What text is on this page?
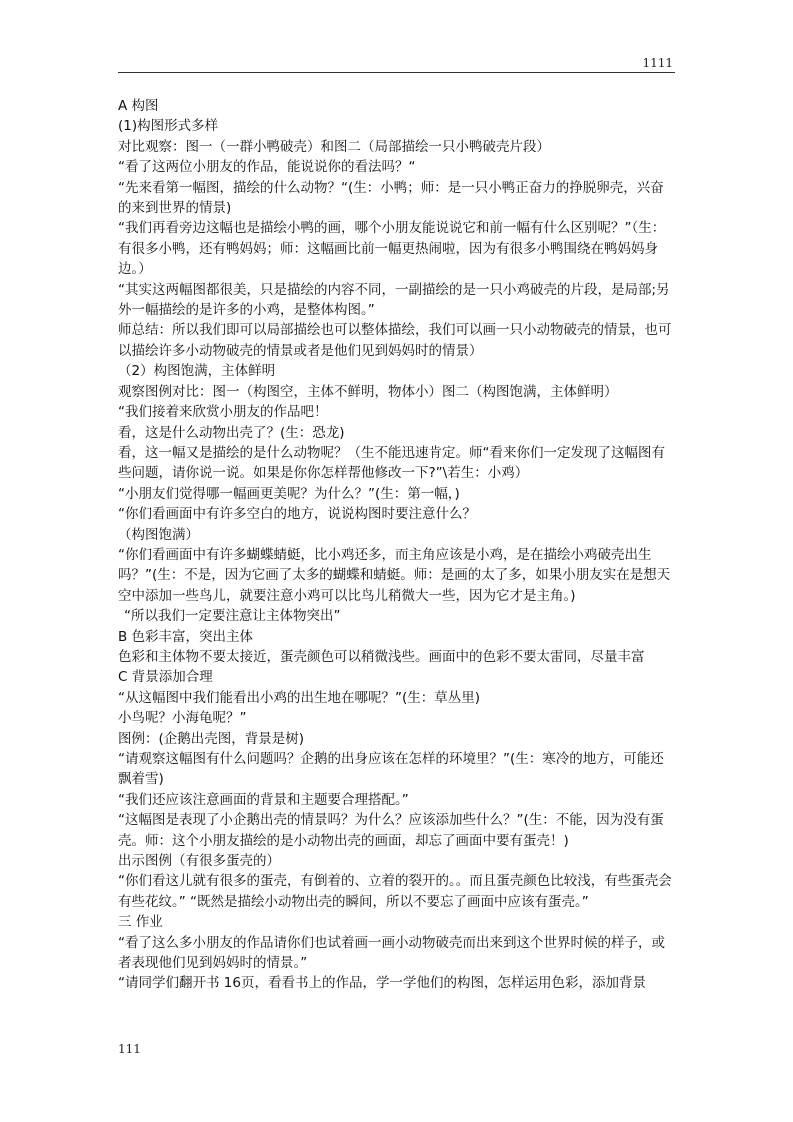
1111

A 构图

(1)构图形式多样

对比观察：图一（一群小鸭破壳）和图二（局部描绘一只小鸭破壳片段）

“看了这两位小朋友的作品，能说说你的看法吗？“

“先来看第一幅图，描绘的什么动物？“(生：小鸭；师：是一只小鸭正奋力的挣脱卵壳，兴奋的来到世界的情景)

“我们再看旁边这幅也是描绘小鸭的画，哪个小朋友能说说它和前一幅有什么区别呢？”（生：有很多小鸭，还有鸭妈妈；师：这幅画比前一幅更热闹啦，因为有很多小鸭围绕在鸭妈妈身边。）

“其实这两幅图都很美，只是描绘的内容不同，一副描绘的是一只小鸡破壳的片段，是局部;另外一幅描绘的是许多的小鸡，是整体构图。”

师总结：所以我们即可以局部描绘也可以整体描绘，我们可以画一只小动物破壳的情景，也可以描绘许多小动物破壳的情景或者是他们见到妈妈时的情景）

（2）构图饱满，主体鲜明

观察图例对比：图一（构图空，主体不鲜明，物体小）图二（构图饱满，主体鲜明）

“我们接着来欣赏小朋友的作品吧！

看，这是什么动物出壳了？(生：恐龙)

看，这一幅又是描绘的是什么动物呢？（生不能迅速肯定。师“看来你们一定发现了这幅图有些问题，请你说一说。如果是你你怎样帮他修改一下?”\若生：小鸡）

“小朋友们觉得哪一幅画更美呢？为什么？”(生：第一幅，)

“你们看画面中有许多空白的地方，说说构图时要注意什么？

（构图饱满）

“你们看画面中有许多蝴蝶蜻蜓，比小鸡还多，而主角应该是小鸡，是在描绘小鸡破壳出生吗？”(生：不是，因为它画了太多的蝴蝶和蜻蜓。师：是画的太了多，如果小朋友实在是想天空中添加一些鸟儿，就要注意小鸡可以比鸟儿稍微大一些，因为它才是主角。)

“所以我们一定要注意让主体物突出”

B 色彩丰富，突出主体

色彩和主体物不要太接近，蛋壳颜色可以稍微浅些。画面中的色彩不要太雷同，尽量丰富

C 背景添加合理

“从这幅图中我们能看出小鸡的出生地在哪呢？”(生：草丛里)

小鸟呢？小海龟呢？”

图例：(企鹅出壳图，背景是树)

“请观察这幅图有什么问题吗？企鹅的出身应该在怎样的环境里？”(生：寒冷的地方，可能还飘着雪)

“我们还应该注意画面的背景和主题要合理搭配。”

“这幅图是表现了小企鹅出壳的情景吗？为什么？应该添加些什么？”(生：不能，因为没有蛋壳。师：这个小朋友描绘的是小动物出壳的画面，却忘了画面中要有蛋壳！)

出示图例（有很多蛋壳的）

“你们看这儿就有很多的蛋壳，有倒着的、立着的裂开的。。而且蛋壳颜色比较浅，有些蛋壳会有些花纹。” “既然是描绘小动物出壳的瞬间，所以不要忘了画面中应该有蛋壳。”

三 作业

“看了这么多小朋友的作品请你们也试着画一画小动物破壳而出来到这个世界时候的样子，或者表现他们见到妈妈时的情景。”

“请同学们翻开书 16页，看看书上的作品，学一学他们的构图，怎样运用色彩，添加背景

111
